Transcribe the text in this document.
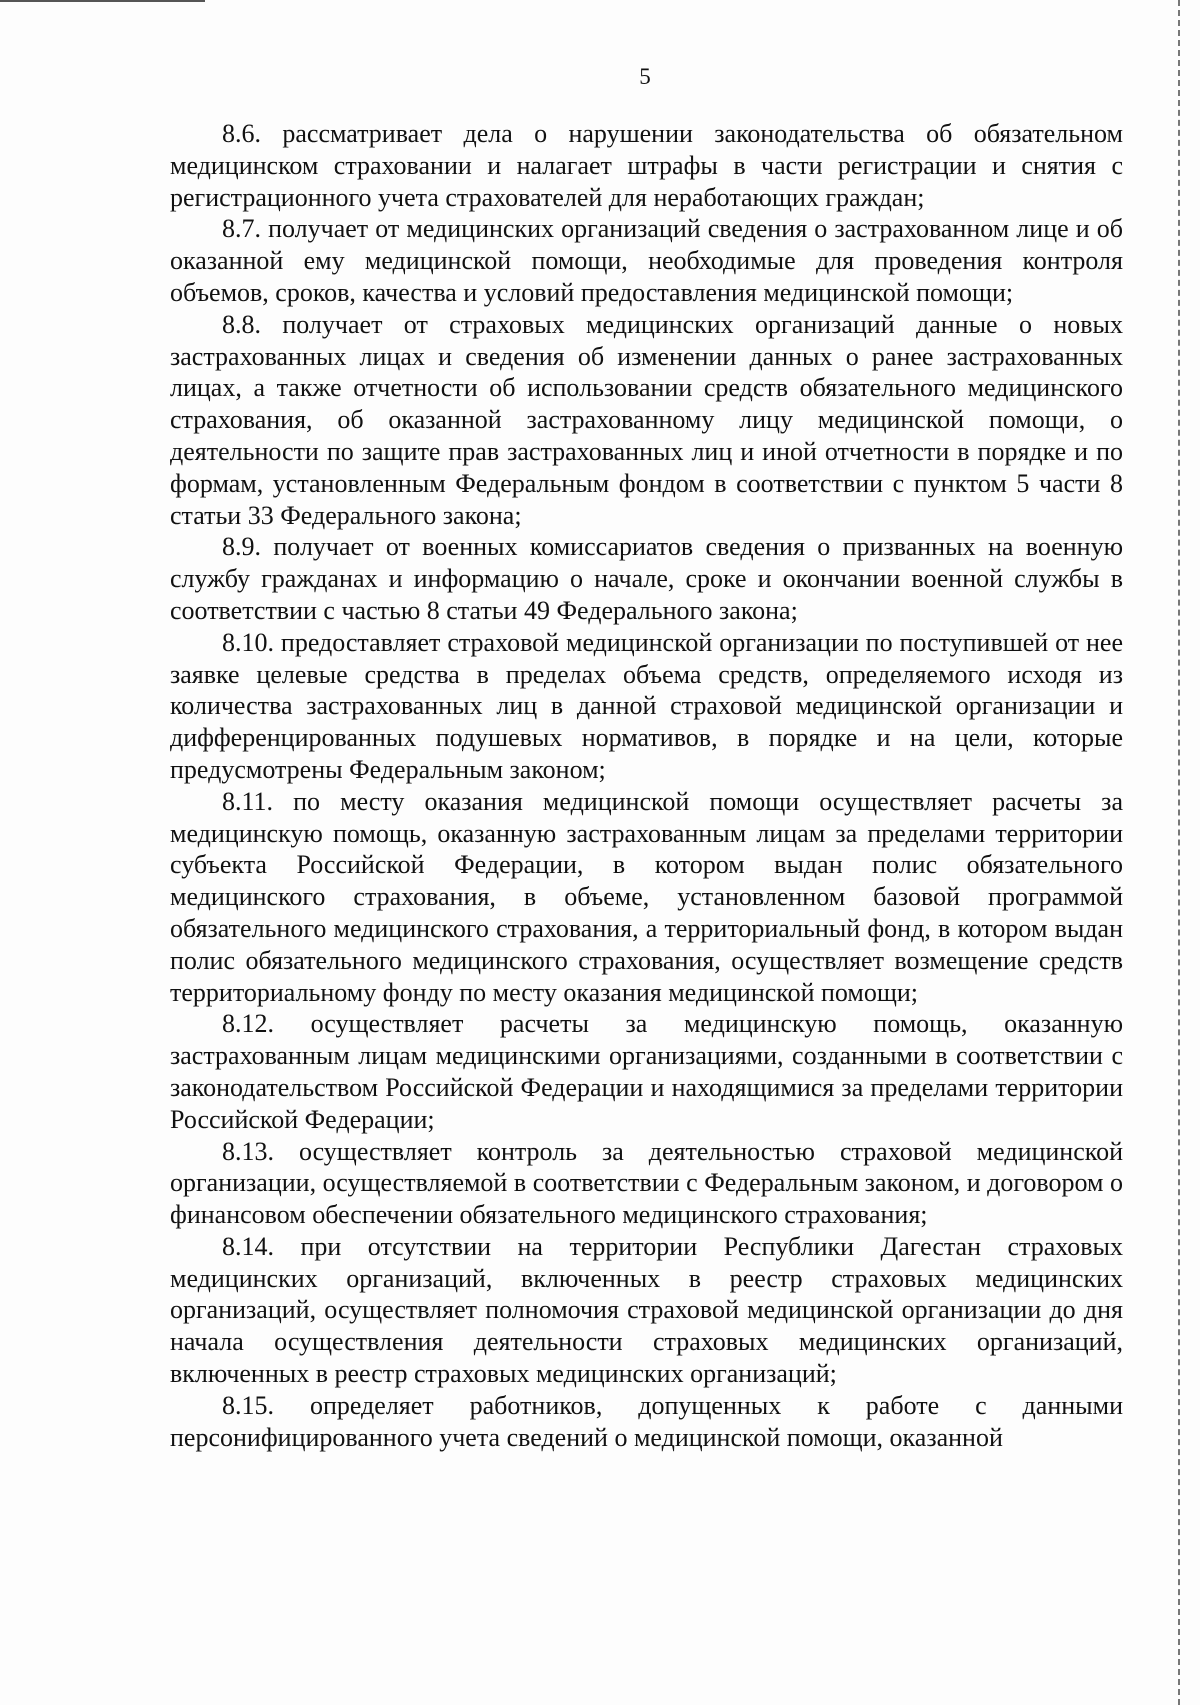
5

8.6. рассматривает дела о нарушении законодательства об обязательном медицинском страховании и налагает штрафы в части регистрации и снятия с регистрационного учета страхователей для неработающих граждан;

8.7. получает от медицинских организаций сведения о застрахованном лице и об оказанной ему медицинской помощи, необходимые для проведения контроля объемов, сроков, качества и условий предоставления медицинской помощи;

8.8. получает от страховых медицинских организаций данные о новых застрахованных лицах и сведения об изменении данных о ранее застрахованных лицах, а также отчетности об использовании средств обязательного медицинского страхования, об оказанной застрахованному лицу медицинской помощи, о деятельности по защите прав застрахованных лиц и иной отчетности в порядке и по формам, установленным Федеральным фондом в соответствии с пунктом 5 части 8 статьи 33 Федерального закона;

8.9. получает от военных комиссариатов сведения о призванных на военную службу гражданах и информацию о начале, сроке и окончании военной службы в соответствии с частью 8 статьи 49 Федерального закона;

8.10. предоставляет страховой медицинской организации по поступившей от нее заявке целевые средства в пределах объема средств, определяемого исходя из количества застрахованных лиц в данной страховой медицинской организации и дифференцированных подушевых нормативов, в порядке и на цели, которые предусмотрены Федеральным законом;

8.11. по месту оказания медицинской помощи осуществляет расчеты за медицинскую помощь, оказанную застрахованным лицам за пределами территории субъекта Российской Федерации, в котором выдан полис обязательного медицинского страхования, в объеме, установленном базовой программой обязательного медицинского страхования, а территориальный фонд, в котором выдан полис обязательного медицинского страхования, осуществляет возмещение средств территориальному фонду по месту оказания медицинской помощи;

8.12. осуществляет расчеты за медицинскую помощь, оказанную застрахованным лицам медицинскими организациями, созданными в соответствии с законодательством Российской Федерации и находящимися за пределами территории Российской Федерации;

8.13. осуществляет контроль за деятельностью страховой медицинской организации, осуществляемой в соответствии с Федеральным законом, и договором о финансовом обеспечении обязательного медицинского страхования;

8.14. при отсутствии на территории Республики Дагестан страховых медицинских организаций, включенных в реестр страховых медицинских организаций, осуществляет полномочия страховой медицинской организации до дня начала осуществления деятельности страховых медицинских организаций, включенных в реестр страховых медицинских организаций;

8.15. определяет работников, допущенных к работе с данными персонифицированного учета сведений о медицинской помощи, оказанной
